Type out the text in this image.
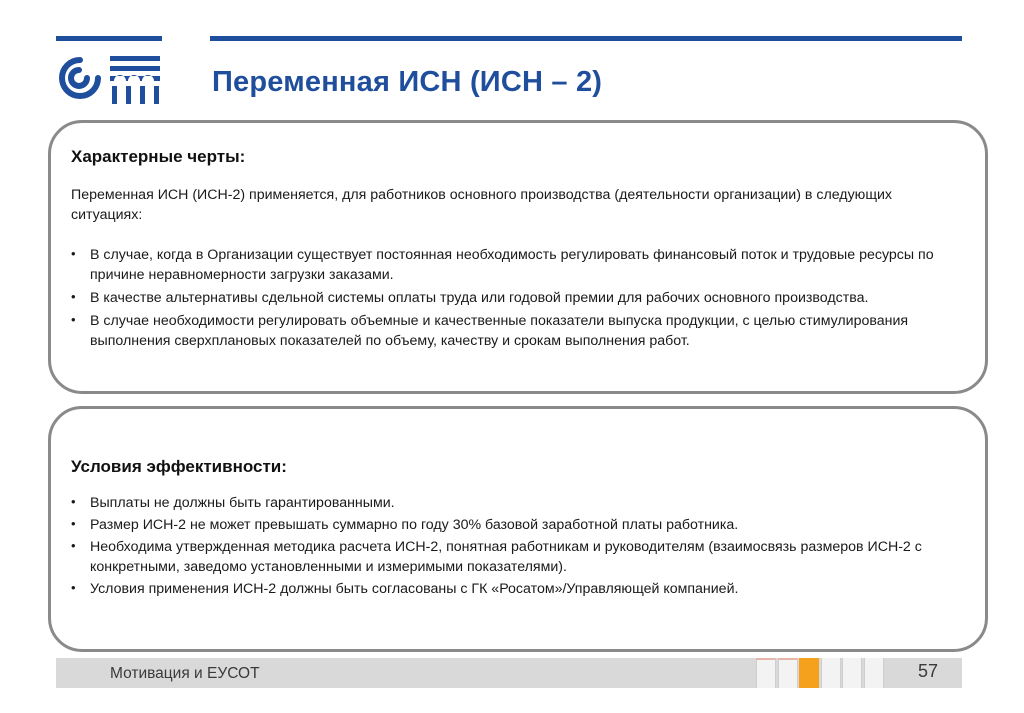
Переменная ИСН (ИСН – 2)
Характерные черты:
Переменная ИСН (ИСН-2) применяется, для работников основного производства (деятельности организации) в следующих ситуациях:
• В случае, когда в Организации существует постоянная необходимость регулировать финансовый поток и трудовые ресурсы по причине неравномерности загрузки заказами.
• В качестве альтернативы сдельной системы оплаты труда или годовой премии для рабочих основного производства.
• В случае необходимости регулировать объемные и качественные показатели выпуска продукции, с целью стимулирования выполнения сверхплановых показателей по объему, качеству и срокам выполнения работ.
Условия эффективности:
• Выплаты не должны быть гарантированными.
• Размер ИСН-2 не может превышать суммарно по году 30% базовой заработной платы работника.
• Необходима утвержденная методика расчета ИСН-2, понятная работникам и руководителям (взаимосвязь размеров ИСН-2 с конкретными, заведомо установленными и измеримыми показателями).
• Условия применения ИСН-2 должны быть согласованы с ГК «Росатом»/Управляющей компанией.
Мотивация и ЕУСОТ	57
